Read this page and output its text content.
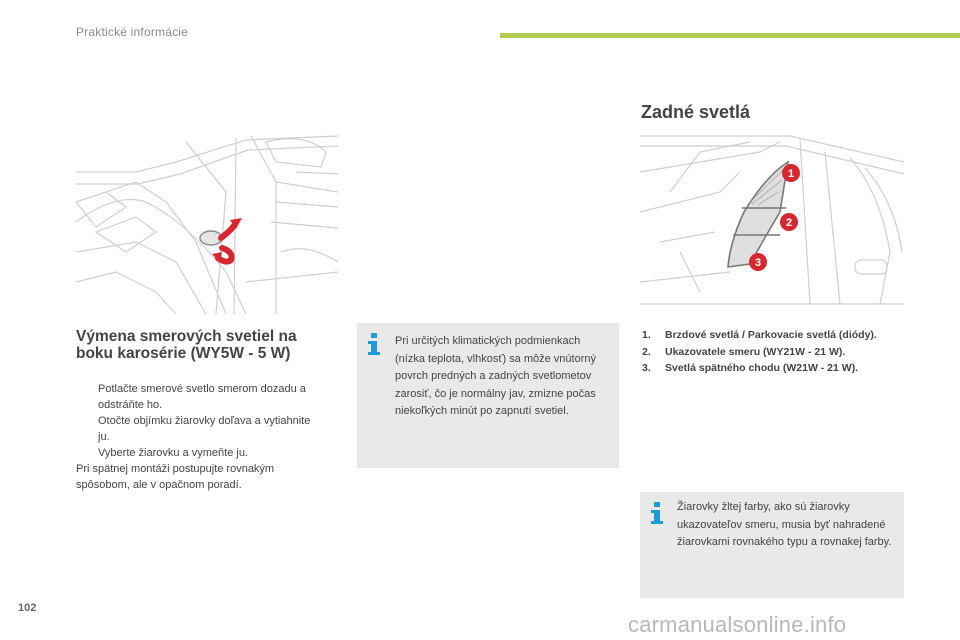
Praktické informácie
Výmena smerových svetiel na boku karosérie (WY5W - 5 W)
Potlačte smerové svetlo smerom dozadu a odstráňte ho.
Otočte objímku žiarovky doľava a vytiahnite ju.
Vyberte žiarovku a vymeňte ju.
Pri spätnej montáži postupujte rovnakým spôsobom, ale v opačnom poradí.
Pri určitých klimatických podmienkach (nízka teplota, vlhkosť) sa môže vnútorný povrch predných a zadných svetlometov zarosiť, čo je normálny jav, zmizne počas niekoľkých minút po zapnutí svetiel.
Zadné svetlá
1
2
3
1. Brzdové svetlá / Parkovacie svetlá (diódy).
2. Ukazovatele smeru (WY21W - 21 W).
3. Svetlá spätného chodu (W21W - 21 W).
Žiarovky žltej farby, ako sú žiarovky ukazovateľov smeru, musia byť nahradené žiarovkami rovnakého typu a rovnakej farby.
102
carmanualsonline.info
